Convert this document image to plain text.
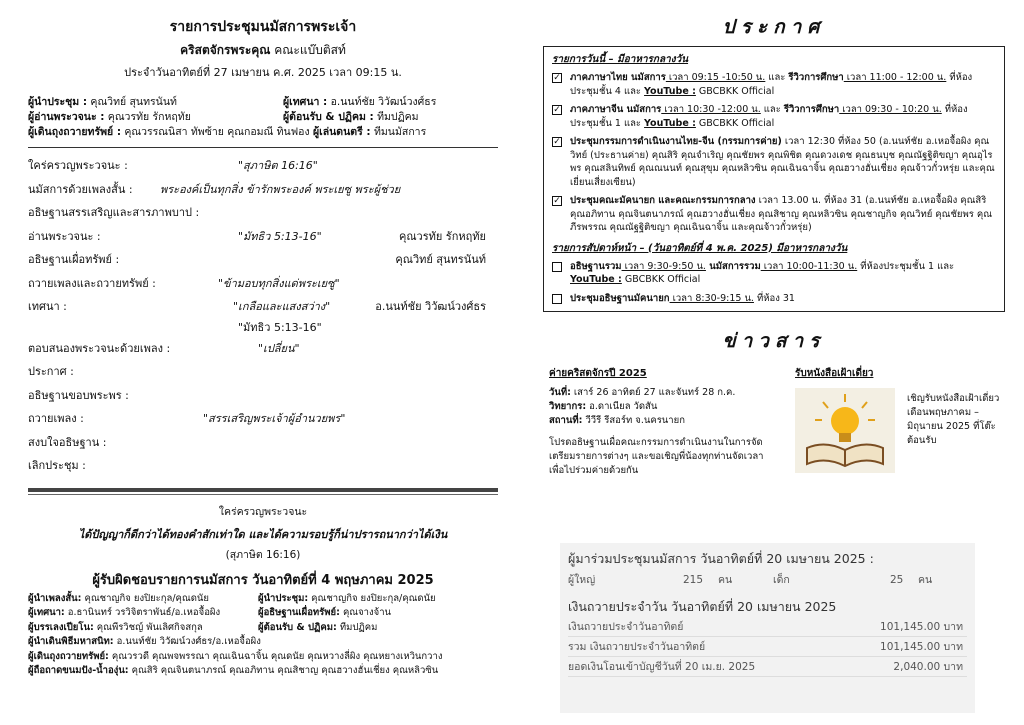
รายการประชุมนมัสการพระเจ้า
คริสตจักรพระคุณ คณะแบ๊บติสท์
ประจำวันอาทิตย์ที่ 27 เมษายน ค.ศ. 2025 เวลา 09:15 น.
ผู้นำประชุม : คุณวิทย์ สุนทรนันท์	ผู้เทศนา : อ.นนท์ชัย วิวัฒน์วงศ์ธร
ผู้อ่านพระวจนะ : คุณวรทัย รักหฤทัย	ผู้ต้อนรับ & ปฏิคม : ทีมปฏิคม
ผู้เดินถุงถวายทรัพย์ : คุณวรรณนิสา ทัพซ้าย คุณกอมณี ทินฟอง ผู้เล่นดนตรี : ทีมนมัสการ
ใคร่ครวญพระวจนะ :	"สุภาษิต 16:16"
นมัสการด้วยเพลงสั้น : พระองค์เป็นทุกสิ่ง ข้ารักพระองค์ พระเยซู พระผู้ช่วย
อธิษฐานสรรเสริญและสารภาพบาป :
อ่านพระวจนะ :	"มัทธิว 5:13-16"	คุณวรทัย รักหฤทัย
อธิษฐานเผื่อทรัพย์ :	คุณวิทย์ สุนทรนันท์
ถวายเพลงและถวายทรัพย์ :	"ข้ามอบทุกสิ่งแด่พระเยซู"
เทศนา :	"เกลือและแสงสว่าง"	อ.นนท์ชัย วิวัฒน์วงศ์ธร
"มัทธิว 5:13-16"
ตอบสนองพระวจนะด้วยเพลง :	"เปลี่ยน"
ประกาศ :
อธิษฐานขอบพระพร :
ถวายเพลง :	"สรรเสริญพระเจ้าผู้อำนวยพร"
สงบใจอธิษฐาน :
เลิกประชุม :
ใคร่ครวญพระวจนะ
ได้ปัญญาก็ดีกว่าได้ทองคำสักเท่าใด และได้ความรอบรู้ก็น่าปรารถนากว่าได้เงิน
(สุภาษิต 16:16)
ผู้รับผิดชอบรายการนมัสการ วันอาทิตย์ที่ 4 พฤษภาคม 2025
ผู้นำเพลงสั้น: คุณชาญกิจ ยงปิยะกุล/คุณดนัย	ผู้นำประชุม: คุณชาญกิจ ยงปิยะกุล/คุณดนัย
ผู้เทศนา: อ.ธานินทร์ วรวิจิตราพันธ์/อ.เหอจื้อผิง	ผู้อธิษฐานเผื่อทรัพย์: คุณจางจ้าน
ผู้บรรเลงเปียโน: คุณพีรวิชญ์ พันเลิศกิจสกุล	ผู้ต้อนรับ & ปฏิคม: ทีมปฏิคม
ผู้นำเดินพิธีมหาสนิท: อ.นนท์ชัย วิวัฒน์วงศ์ธร/อ.เหอจื้อผิง
ผู้เดินถุงถวายทรัพย์: คุณวรวดี คุณพจพรรณา คุณเฉินฉาจิ้น คุณดนัย คุณหวางลี่ผิง คุณหยางเหวินกวาง
ผู้ถือถาดขนมปัง-น้ำองุ่น: คุณสิริ คุณจินตนาภรณ์ คุณอภิทาน คุณสิชาญ คุณฮวางฮั่นเชี่ยง คุณหลิวซิน
ประกาศ
รายการวันนี้ – มีอาหารกลางวัน
✓ ภาคภาษาไทย นมัสการ เวลา 09:15 -10:50 น. และ รีวิวการศึกษา เวลา 11:00 - 12:00 น. ที่ห้องประชุมชั้น 4 และ YouTube : GBCBKK Official
✓ ภาคภาษาจีน นมัสการ เวลา 10:30 -12:00 น. และ รีวิวการศึกษา เวลา 09:30 - 10:20 น. ที่ห้องประชุมชั้น 1 และ YouTube : GBCBKK Official
✓ ประชุมกรรมการดำเนินงานไทย-จีน (กรรมการค่าย) เวลา 12:30 ที่ห้อง 50 (อ.นนท์ชัย อ.เหอจื้อผิง คุณวิทย์ (ประธานค่าย) คุณสิริ คุณจำเริญ คุณชัยพร คุณพิชิต คุณดวงเดช คุณธนบุช คุณณัฐฐิติขญา คุณอุไรพร คุณสลินทิพย์ คุณณนนท์ คุณสุขุม คุณหลิวซิน คุณเฉินฉาจิ้น คุณฮวางฮั่นเชี่ยง คุณจ้าวกั๋วหรุ่ย และคุณเยี่ยนเสี่ยงเซียน)
✓ ประชุมคณะมัคนายก และคณะกรรมการกลาง เวลา 13.00 น. ที่ห้อง 31 (อ.นนท์ชัย อ.เหอจื้อผิง คุณสิริ คุณอภิทาน คุณจินตนาภรณ์ คุณฮวางฮั่นเชี่ยง คุณสิชาญ คุณหลิวซิน คุณชาญกิจ คุณวิทย์ คุณชัยพร คุณภีรพรรณ คุณณัฐฐิติขญา คุณเฉินฉาจิ้น และคุณจ้าวกั๋วหรุ่ย)
รายการสัปดาห์หน้า – (วันอาทิตย์ที่ 4 พ.ค. 2025) มีอาหารกลางวัน
อธิษฐานรวม เวลา 9:30-9:50 น. นมัสการรวม เวลา 10:00-11:30 น. ที่ห้องประชุมชั้น 1 และ YouTube : GBCBKK Official
ประชุมอธิษฐานมัคนายก เวลา 8:30-9:15 น. ที่ห้อง 31
ข่าวสาร
ค่ายคริสตจักรปี 2025
วันที่: เสาร์ 26 อาทิตย์ 27 และจันทร์ 28 ก.ค.
วิทยากร: อ.ดาเนียล วัดสัน
สถานที่: วีวีรี รีสอร์ท จ.นครนายก
โปรดอธิษฐานเผื่อคณะกรรมการดำเนินงานในการจัดเตรียมรายการต่างๆ และขอเชิญพี่น้องทุกท่านจัดเวลา เพื่อไปร่วมค่ายด้วยกัน
รับหนังสือเฝ้าเดี่ยว
เชิญรับหนังสือเฝ้าเดี่ยวเดือนพฤษภาคม – มิถุนายน 2025 ที่โต๊ะต้อนรับ
ผู้มาร่วมประชุมนมัสการ วันอาทิตย์ที่ 20 เมษายน 2025 :
ผู้ใหญ่	215 คน	เด็ก	25 คน
เงินถวายประจำวัน วันอาทิตย์ที่ 20 เมษายน 2025
เงินถวายประจำวันอาทิตย์	101,145.00 บาท
รวม เงินถวายประจำวันอาทิตย์	101,145.00 บาท
ยอดเงินโอนเข้าบัญชีวันที่ 20 เม.ย. 2025	2,040.00 บาท
